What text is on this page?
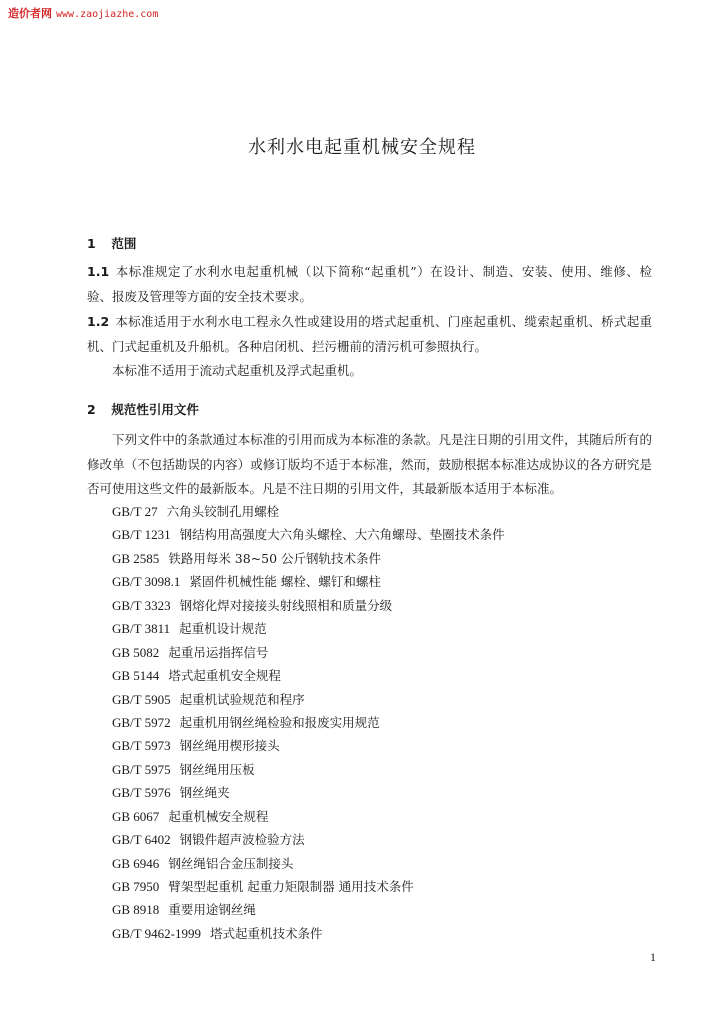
造价者网 www.zaojiazhe.com
水利水电起重机械安全规程
1 范围

1.1 本标准规定了水利水电起重机械（以下简称“起重机”）在设计、制造、安装、使用、维修、检验、报废及管理等方面的安全技术要求。

1.2 本标准适用于水利水电工程永久性或建设用的塔式起重机、门座起重机、缆索起重机、桥式起重机、门式起重机及升船机。各种启闭机、拦污栅前的清污机可参照执行。

本标准不适用于流动式起重机及浮式起重机。

2 规范性引用文件

下列文件中的条款通过本标准的引用而成为本标准的条款。凡是注日期的引用文件，其随后所有的修改单（不包括勘误的内容）或修订版均不适于本标准，然而，鼓励根据本标准达成协议的各方研究是否可使用这些文件的最新版本。凡是不注日期的引用文件，其最新版本适用于本标准。

GB/T 27 六角头铰制孔用螺栓
GB/T 1231 钢结构用高强度大六角头螺栓、大六角螺母、垫圈技术条件
GB 2585 铁路用每米 38~50 公斤钢轨技术条件
GB/T 3098.1 紧固件机械性能 螺栓、螺钉和螺柱
GB/T 3323 钢熔化焊对接接头射线照相和质量分级
GB/T 3811 起重机设计规范
GB 5082 起重吊运指挥信号
GB 5144 塔式起重机安全规程
GB/T 5905 起重机试验规范和程序
GB/T 5972 起重机用钢丝绳检验和报废实用规范
GB/T 5973 钢丝绳用楔形接头
GB/T 5975 钢丝绳用压板
GB/T 5976 钢丝绳夹
GB 6067 起重机械安全规程
GB/T 6402 钢锻件超声波检验方法
GB 6946 钢丝绳铝合金压制接头
GB 7950 臂架型起重机 起重力矩限制器 通用技术条件
GB 8918 重要用途钢丝绳
GB/T 9462-1999 塔式起重机技术条件
1
